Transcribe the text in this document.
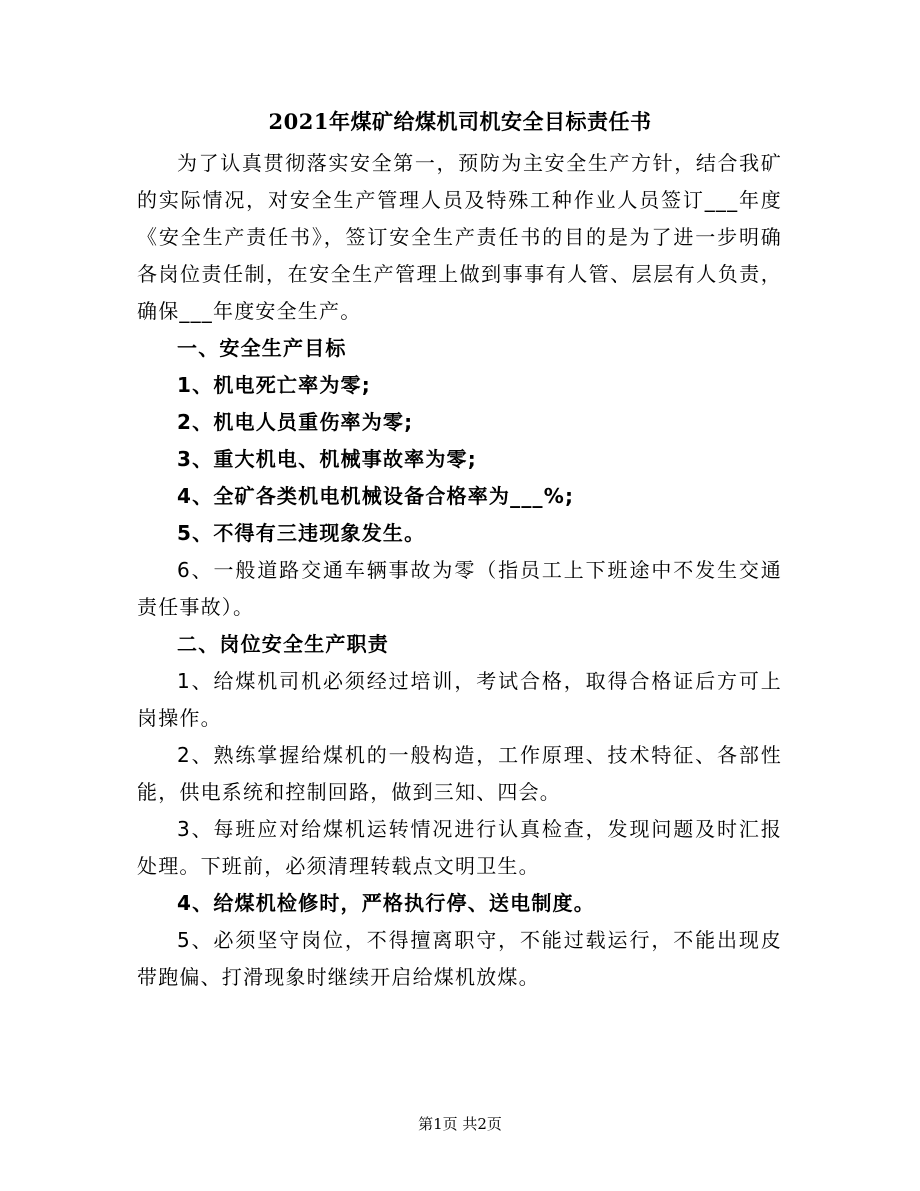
2021年煤矿给煤机司机安全目标责任书

为了认真贯彻落实安全第一，预防为主安全生产方针，结合我矿的实际情况，对安全生产管理人员及特殊工种作业人员签订___年度《安全生产责任书》，签订安全生产责任书的目的是为了进一步明确各岗位责任制，在安全生产管理上做到事事有人管、层层有人负责，确保___年度安全生产。

一、安全生产目标

1、机电死亡率为零;

2、机电人员重伤率为零;

3、重大机电、机械事故率为零;

4、全矿各类机电机械设备合格率为___%;

5、不得有三违现象发生。

6、一般道路交通车辆事故为零（指员工上下班途中不发生交通责任事故）。

二、岗位安全生产职责

1、给煤机司机必须经过培训，考试合格，取得合格证后方可上岗操作。

2、熟练掌握给煤机的一般构造，工作原理、技术特征、各部性能，供电系统和控制回路，做到三知、四会。

3、每班应对给煤机运转情况进行认真检查，发现问题及时汇报处理。下班前，必须清理转载点文明卫生。

4、给煤机检修时，严格执行停、送电制度。

5、必须坚守岗位，不得擅离职守，不能过载运行，不能出现皮带跑偏、打滑现象时继续开启给煤机放煤。

第1页 共2页
